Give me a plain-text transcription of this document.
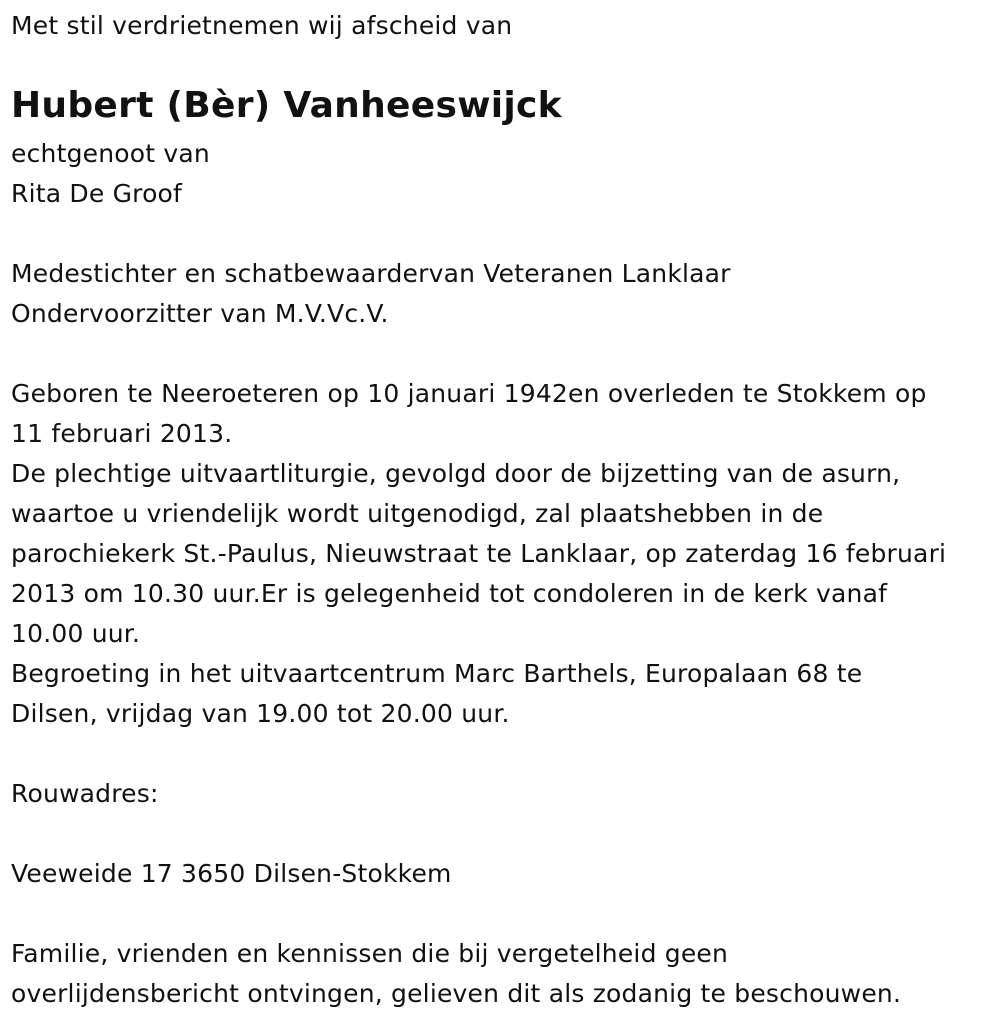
Met stil verdrietnemen wij afscheid van
Hubert (Bèr) Vanheeswijck
echtgenoot van
Rita De Groof
Medestichter en schatbewaardervan Veteranen Lanklaar
Ondervoorzitter van M.V.Vc.V.
Geboren te Neeroeteren op 10 januari 1942en overleden te Stokkem op
11 februari 2013.
De plechtige uitvaartliturgie, gevolgd door de bijzetting van de asurn,
waartoe u vriendelijk wordt uitgenodigd, zal plaatshebben in de
parochiekerk St.-Paulus, Nieuwstraat te Lanklaar, op zaterdag 16 februari
2013 om 10.30 uur.Er is gelegenheid tot condoleren in de kerk vanaf
10.00 uur.
Begroeting in het uitvaartcentrum Marc Barthels, Europalaan 68 te
Dilsen, vrijdag van 19.00 tot 20.00 uur.
Rouwadres:
Veeweide 17 3650 Dilsen-Stokkem
Familie, vrienden en kennissen die bij vergetelheid geen
overlijdensbericht ontvingen, gelieven dit als zodanig te beschouwen.
